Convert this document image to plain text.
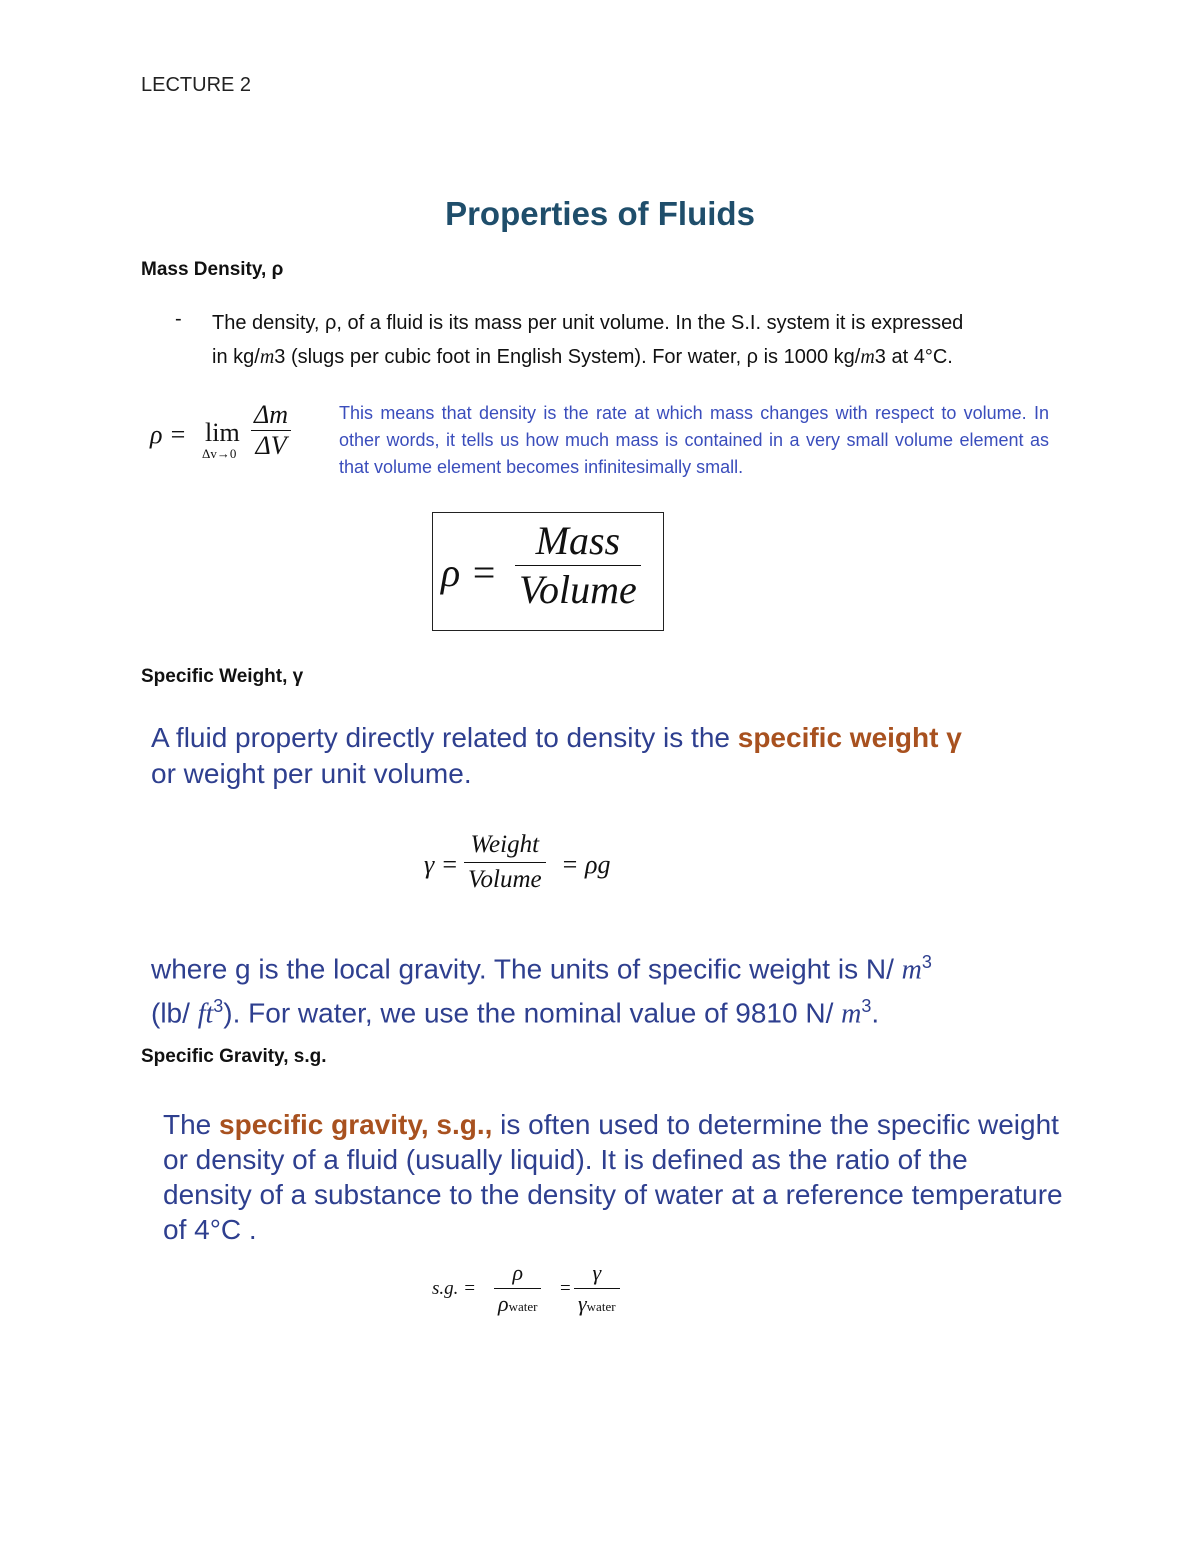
LECTURE 2
Properties of Fluids
Mass Density, ρ
- The density, ρ, of a fluid is its mass per unit volume. In the S.I. system it is expressed
in kg/m3 (slugs per cubic foot in English System). For water, ρ is 1000 kg/m3 at 4°C.
ρ = lim
$\Delta v\to 0 \frac{\Delta m}{\Delta V}$	This means that density is the rate at which mass changes with respect to volume. In other words, it tells us how much mass is contained in a very small volume element as that volume element becomes infinitesimally small.
ρ =
Mass
Volume
Specific Weight, γ
A fluid property directly related to density is the specific weight γ
or weight per unit volume.
γ =
Weight
Volume
= ρg
where g is the local gravity. The units of specific weight is N/ $m^3$
(lb/ $ft^3$). For water, we use the nominal value of 9810 N/ $m^3$.
Specific Gravity, s.g.
The specific gravity, s.g., is often used to determine the specific weight or density of a fluid (usually liquid). It is defined as the ratio of the density of a substance to the density of water at a reference temperature of 4°C .
s.g. =
ρ
ρwater
=
γ
γwater
